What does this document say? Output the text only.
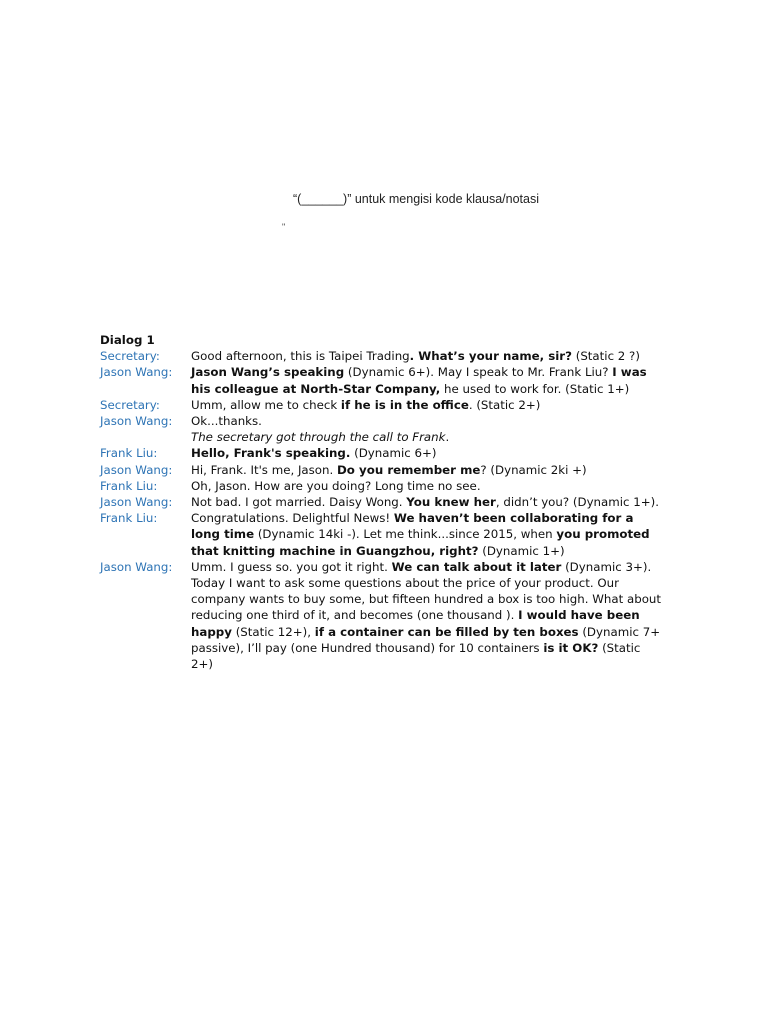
“(______)” untuk mengisi kode klausa/notasi
"
Dialog 1
Secretary:	Good afternoon, this is Taipei Trading. What’s your name, sir? (Static 2 ?)
Jason Wang:	Jason Wang’s speaking (Dynamic 6+). May I speak to Mr. Frank Liu? I was his colleague at North-Star Company, he used to work for. (Static 1+)
Secretary:	Umm, allow me to check if he is in the office. (Static 2+)
Jason Wang:	Ok...thanks.
The secretary got through the call to Frank.
Frank Liu:	Hello, Frank's speaking. (Dynamic 6+)
Jason Wang:	Hi, Frank. It's me, Jason. Do you remember me? (Dynamic 2ki +)
Frank Liu:	Oh, Jason. How are you doing? Long time no see.
Jason Wang:	Not bad. I got married. Daisy Wong. You knew her, didn’t you? (Dynamic 1+).
Frank Liu:	Congratulations. Delightful News! We haven’t been collaborating for a long time (Dynamic 14ki -). Let me think...since 2015, when you promoted that knitting machine in Guangzhou, right? (Dynamic 1+)
Jason Wang:	Umm. I guess so. you got it right. We can talk about it later (Dynamic 3+). Today I want to ask some questions about the price of your product. Our company wants to buy some, but fifteen hundred a box is too high. What about reducing one third of it, and becomes (one thousand ). I would have been happy (Static 12+), if a container can be filled by ten boxes (Dynamic 7+ passive), I’ll pay (one Hundred thousand) for 10 containers is it OK? (Static 2+)
